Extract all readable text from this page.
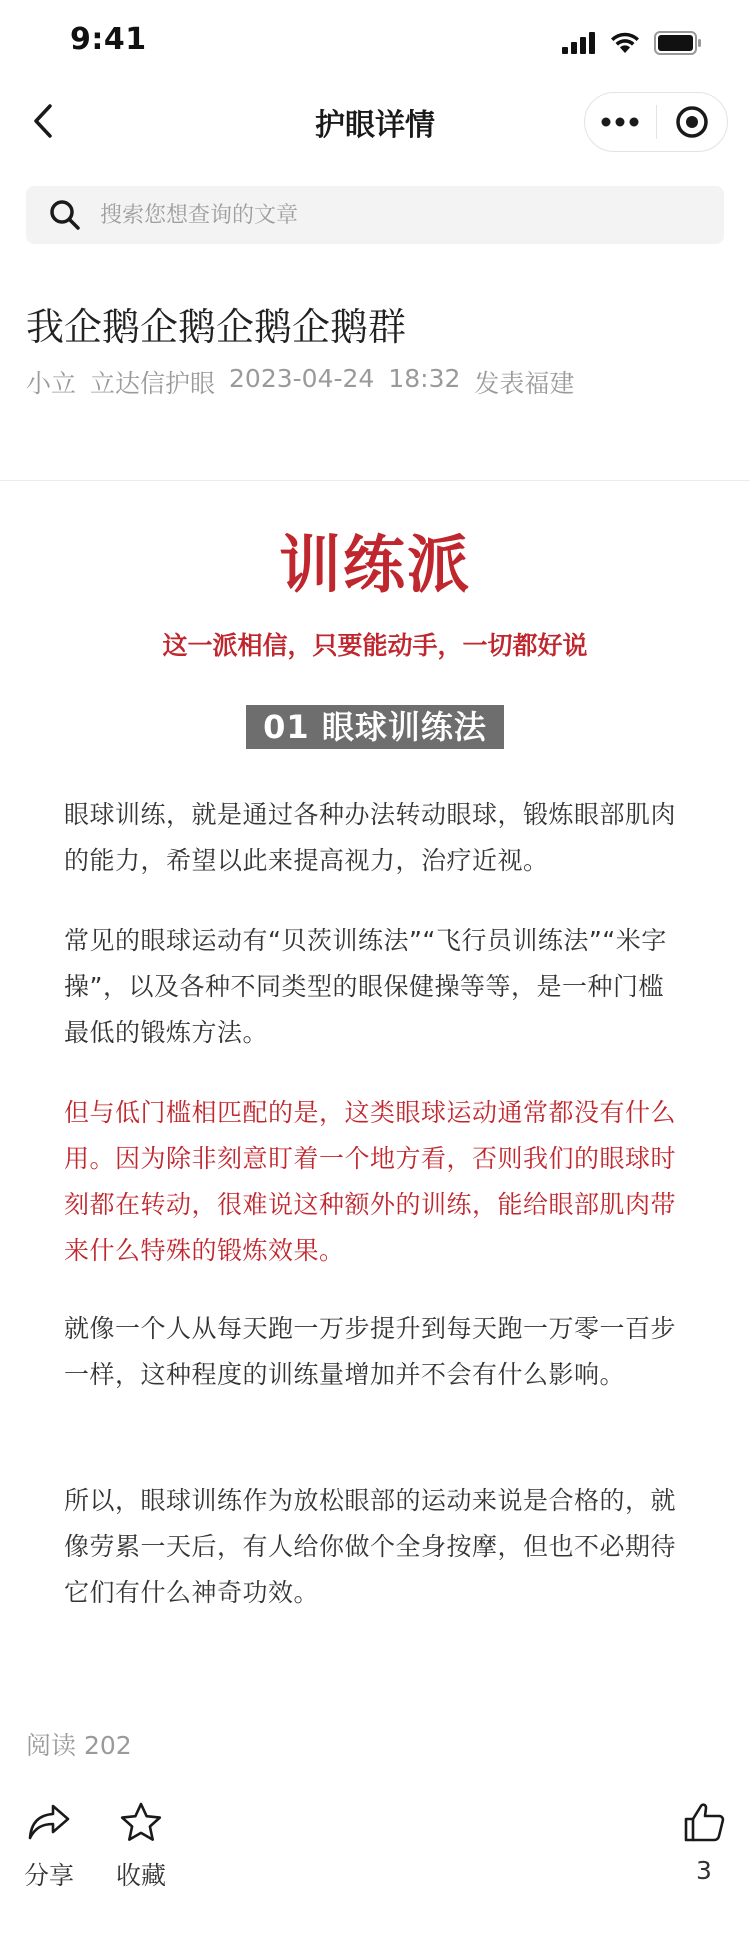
9:41
护眼详情
搜索您想查询的文章
我企鹅企鹅企鹅企鹅群
小立 立达信护眼 2023-04-24 18:32 发表福建
训练派
这一派相信，只要能动手，一切都好说
01 眼球训练法
眼球训练，就是通过各种办法转动眼球，锻炼眼部肌肉的能力，希望以此来提高视力，治疗近视。
常见的眼球运动有“贝茨训练法”“飞行员训练法”“米字操”，以及各种不同类型的眼保健操等等，是一种门槛最低的锻炼方法。
但与低门槛相匹配的是，这类眼球运动通常都没有什么用。因为除非刻意盯着一个地方看，否则我们的眼球时刻都在转动，很难说这种额外的训练，能给眼部肌肉带来什么特殊的锻炼效果。
就像一个人从每天跑一万步提升到每天跑一万零一百步一样，这种程度的训练量增加并不会有什么影响。
所以，眼球训练作为放松眼部的运动来说是合格的，就像劳累一天后，有人给你做个全身按摩，但也不必期待它们有什么神奇功效。
阅读 202
分享 收藏	3
